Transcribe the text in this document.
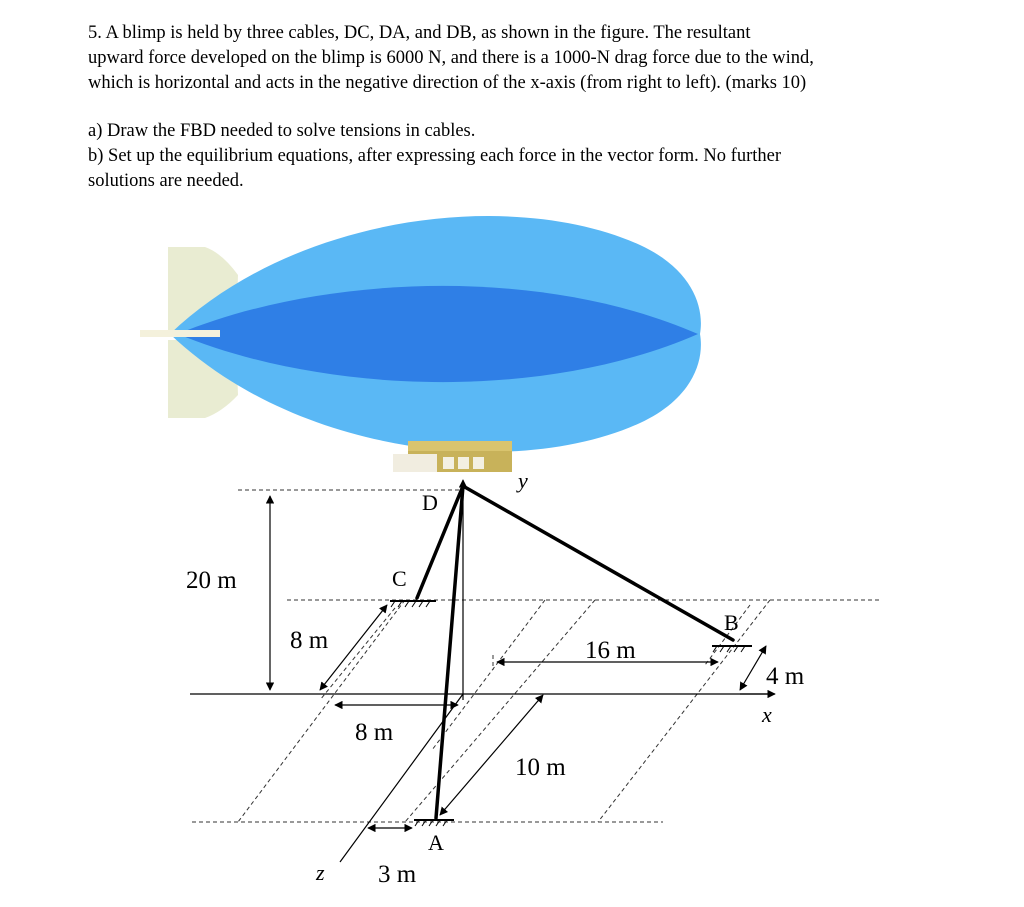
5. A blimp is held by three cables, DC, DA, and DB, as shown in the figure. The resultant

upward force developed on the blimp is 6000 N, and there is a 1000-N drag force due to the wind,

which is horizontal and acts in the negative direction of the x-axis (from right to left). (marks 10)

a) Draw the FBD needed to solve tensions in cables.

b) Set up the equilibrium equations, after expressing each force in the vector form. No further

solutions are needed.

D
C
B
A
y
x
z
20 m
8 m
8 m
16 m
4 m
10 m
3 m
